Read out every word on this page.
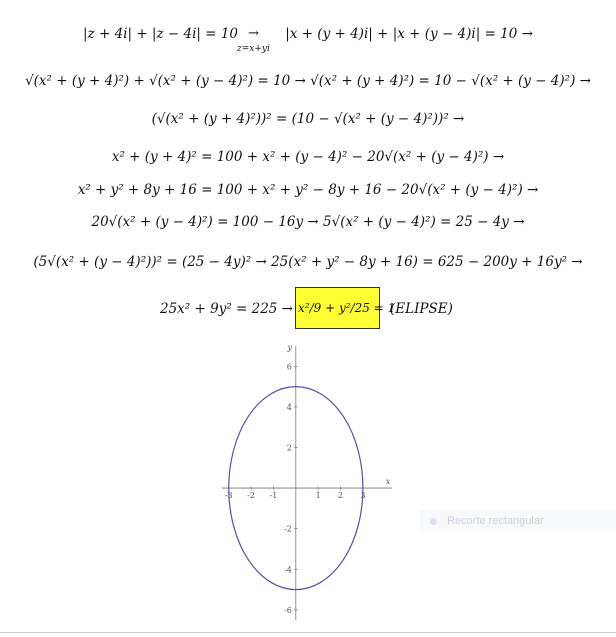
|z + 4i| + |z − 4i| = 10	|x + (y + 4)i| + |x + (y − 4)i| = 10 →
→
z=x+yi
√(x² + (y + 4)²) + √(x² + (y − 4)²) = 10 → √(x² + (y + 4)²) = 10 − √(x² + (y − 4)²) →
(√(x² + (y + 4)²))² = (10 − √(x² + (y − 4)²))² →
x² + (y + 4)² = 100 + x² + (y − 4)² − 20√(x² + (y − 4)²) →
x² + y² + 8y + 16 = 100 + x² + y² − 8y + 16 − 20√(x² + (y − 4)²) →
20√(x² + (y − 4)²) = 100 − 16y → 5√(x² + (y − 4)²) = 25 − 4y →
(5√(x² + (y − 4)²))² = (25 − 4y)² → 25(x² + y² − 8y + 16) = 625 − 200y + 16y² →
25x² + 9y² = 225 → x²/9 + y²/25 = 1
(ELIPSE)
-3 -2 -1	1 2 3
6
4
2
-2
-4
-6
x
y
Recorte rectangular
